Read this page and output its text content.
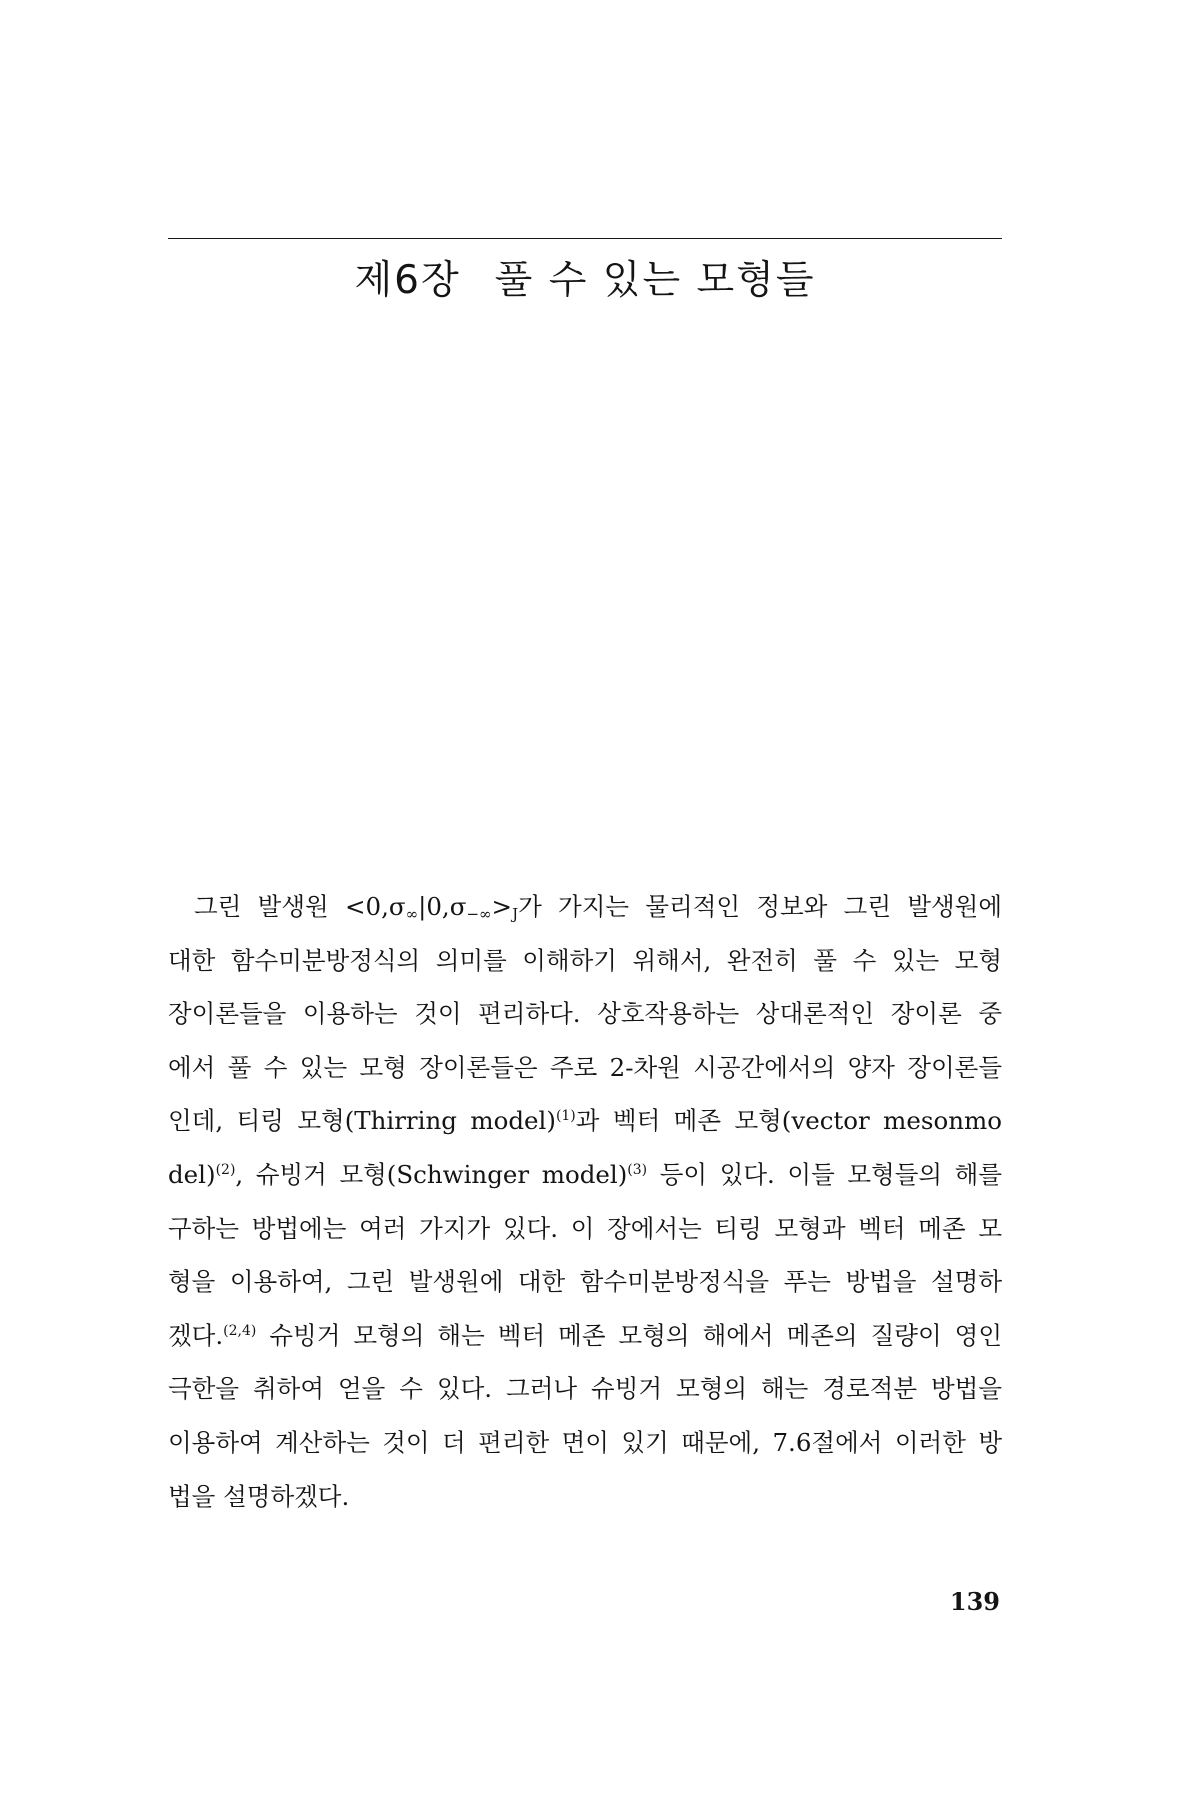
제6장 풀 수 있는 모형들
그린 발생원 $<0,\sigma_\infty|0,\sigma_{-\infty}>_J$가 가지는 물리적인 정보와 그린 발생원에
대한 함수미분방정식의 의미를 이해하기 위해서, 완전히 풀 수 있는 모형
장이론들을 이용하는 것이 편리하다. 상호작용하는 상대론적인 장이론 중
에서 풀 수 있는 모형 장이론들은 주로 2-차원 시공간에서의 양자 장이론들
인데, 티링 모형(Thirring model)$^{(1)}$과 벡터 메존 모형(vector mesonmo
del)$^{(2)}$, 슈빙거 모형(Schwinger model)$^{(3)}$ 등이 있다. 이들 모형들의 해를
구하는 방법에는 여러 가지가 있다. 이 장에서는 티링 모형과 벡터 메존 모
형을 이용하여, 그린 발생원에 대한 함수미분방정식을 푸는 방법을 설명하
겠다.$^{(2,4)}$ 슈빙거 모형의 해는 벡터 메존 모형의 해에서 메존의 질량이 영인
극한을 취하여 얻을 수 있다. 그러나 슈빙거 모형의 해는 경로적분 방법을
이용하여 계산하는 것이 더 편리한 면이 있기 때문에, 7.6절에서 이러한 방
법을 설명하겠다.
139
